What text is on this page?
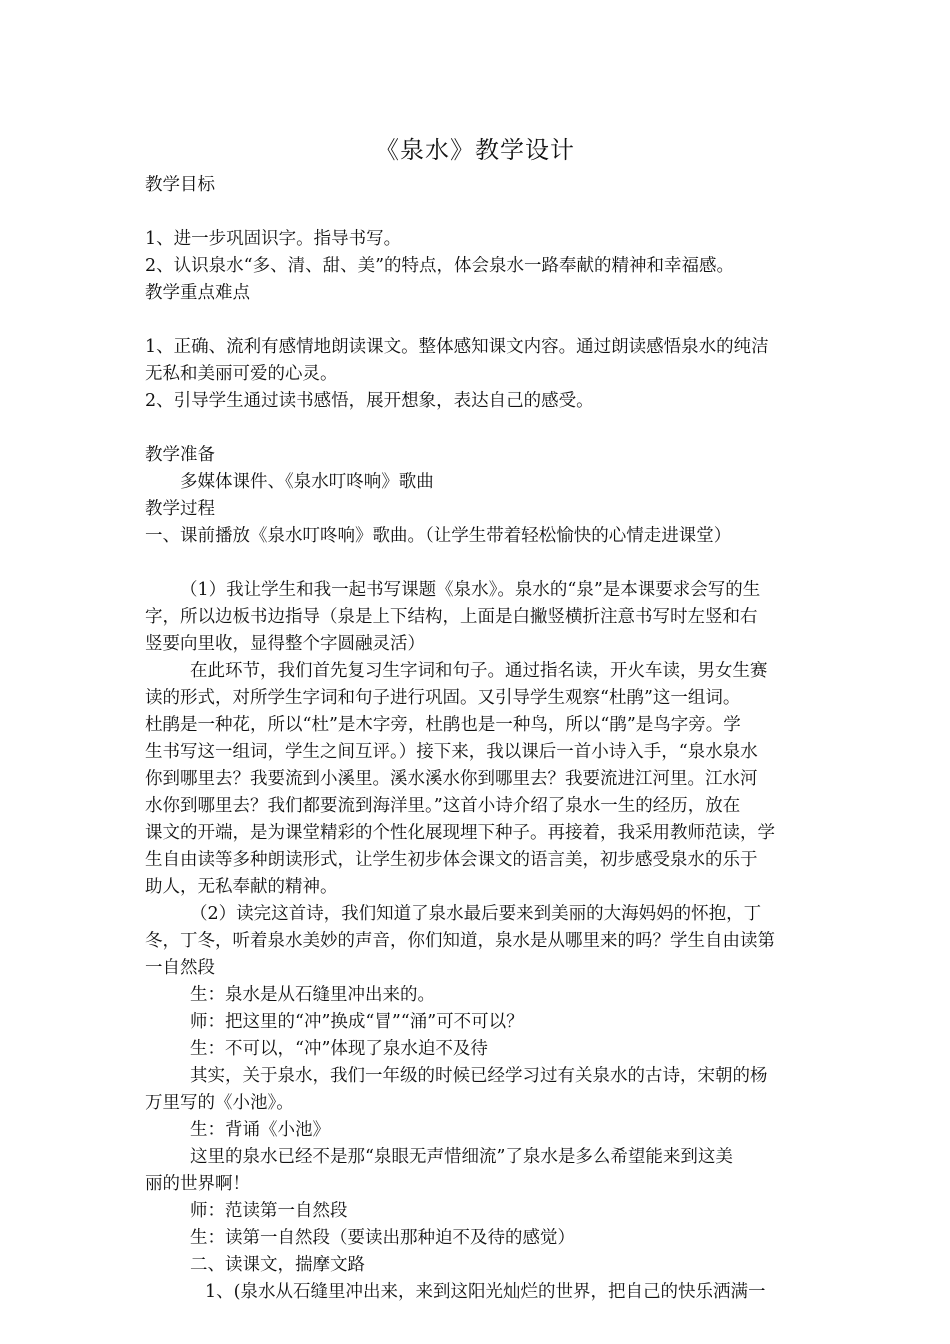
《泉水》教学设计
教学目标
1、进一步巩固识字。指导书写。
2、认识泉水“多、清、甜、美”的特点，体会泉水一路奉献的精神和幸福感。
教学重点难点
1、正确、流利有感情地朗读课文。整体感知课文内容。通过朗读感悟泉水的纯洁
无私和美丽可爱的心灵。
2、引导学生通过读书感悟，展开想象，表达自己的感受。
教学准备
多媒体课件、《泉水叮咚响》歌曲
教学过程
一、课前播放《泉水叮咚响》歌曲。（让学生带着轻松愉快的心情走进课堂）
（1）我让学生和我一起书写课题《泉水》。泉水的“泉”是本课要求会写的生
字，所以边板书边指导（泉是上下结构，上面是白撇竖横折注意书写时左竖和右
竖要向里收，显得整个字圆融灵活）
在此环节，我们首先复习生字词和句子。通过指名读，开火车读，男女生赛
读的形式，对所学生字词和句子进行巩固。又引导学生观察“杜鹃”这一组词。
杜鹃是一种花，所以“杜”是木字旁，杜鹃也是一种鸟，所以“鹃”是鸟字旁。学
生书写这一组词，学生之间互评。）接下来，我以课后一首小诗入手，“泉水泉水
你到哪里去？我要流到小溪里。溪水溪水你到哪里去？我要流进江河里。江水河
水你到哪里去？我们都要流到海洋里。”这首小诗介绍了泉水一生的经历，放在
课文的开端，是为课堂精彩的个性化展现埋下种子。再接着，我采用教师范读，学
生自由读等多种朗读形式，让学生初步体会课文的语言美，初步感受泉水的乐于
助人，无私奉献的精神。
（2）读完这首诗，我们知道了泉水最后要来到美丽的大海妈妈的怀抱，丁
冬，丁冬，听着泉水美妙的声音，你们知道，泉水是从哪里来的吗？学生自由读第
一自然段
生：泉水是从石缝里冲出来的。
师：把这里的“冲”换成“冒”“涌”可不可以？
生：不可以，“冲”体现了泉水迫不及待
其实，关于泉水，我们一年级的时候已经学习过有关泉水的古诗，宋朝的杨
万里写的《小池》。
生：背诵《小池》
这里的泉水已经不是那“泉眼无声惜细流”了泉水是多么希望能来到这美
丽的世界啊！
师：范读第一自然段
生：读第一自然段（要读出那种迫不及待的感觉）
二、读课文，揣摩文路
1、(泉水从石缝里冲出来，来到这阳光灿烂的世界，把自己的快乐洒满一
